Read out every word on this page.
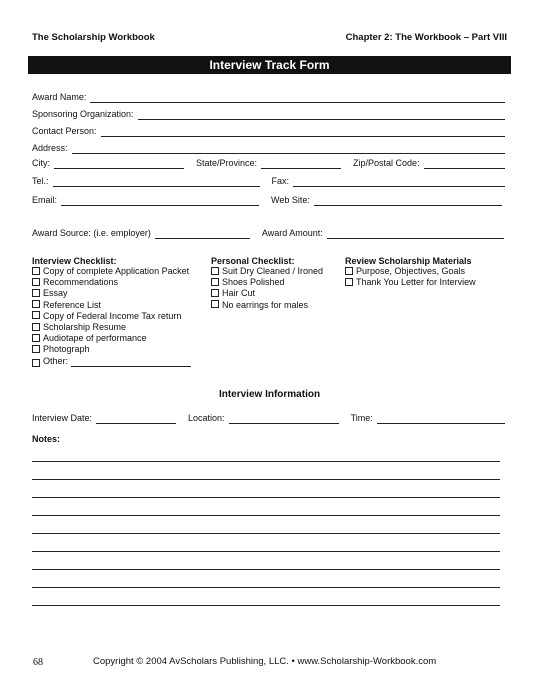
The Scholarship Workbook	Chapter 2: The Workbook – Part VIII
Interview Track Form
Award Name:
Sponsoring Organization:
Contact Person:
Address:
City:	State/Province:	Zip/Postal Code:
Tel.:	Fax:
Email:	Web Site:
Award Source: (i.e. employer)	Award Amount:
Interview Checklist:
Copy of complete Application Packet
Recommendations
Essay
Reference List
Copy of Federal Income Tax return
Scholarship Resume
Audiotape of performance
Photograph
Other:
Personal Checklist:
Suit Dry Cleaned / Ironed
Shoes Polished
Hair Cut
No earrings for males
Review Scholarship Materials
Purpose, Objectives, Goals
Thank You Letter for Interview
Interview Information
Interview Date:	Location:	Time:
Notes:
68	Copyright © 2004 AvScholars Publishing, LLC. • www.Scholarship-Workbook.com
